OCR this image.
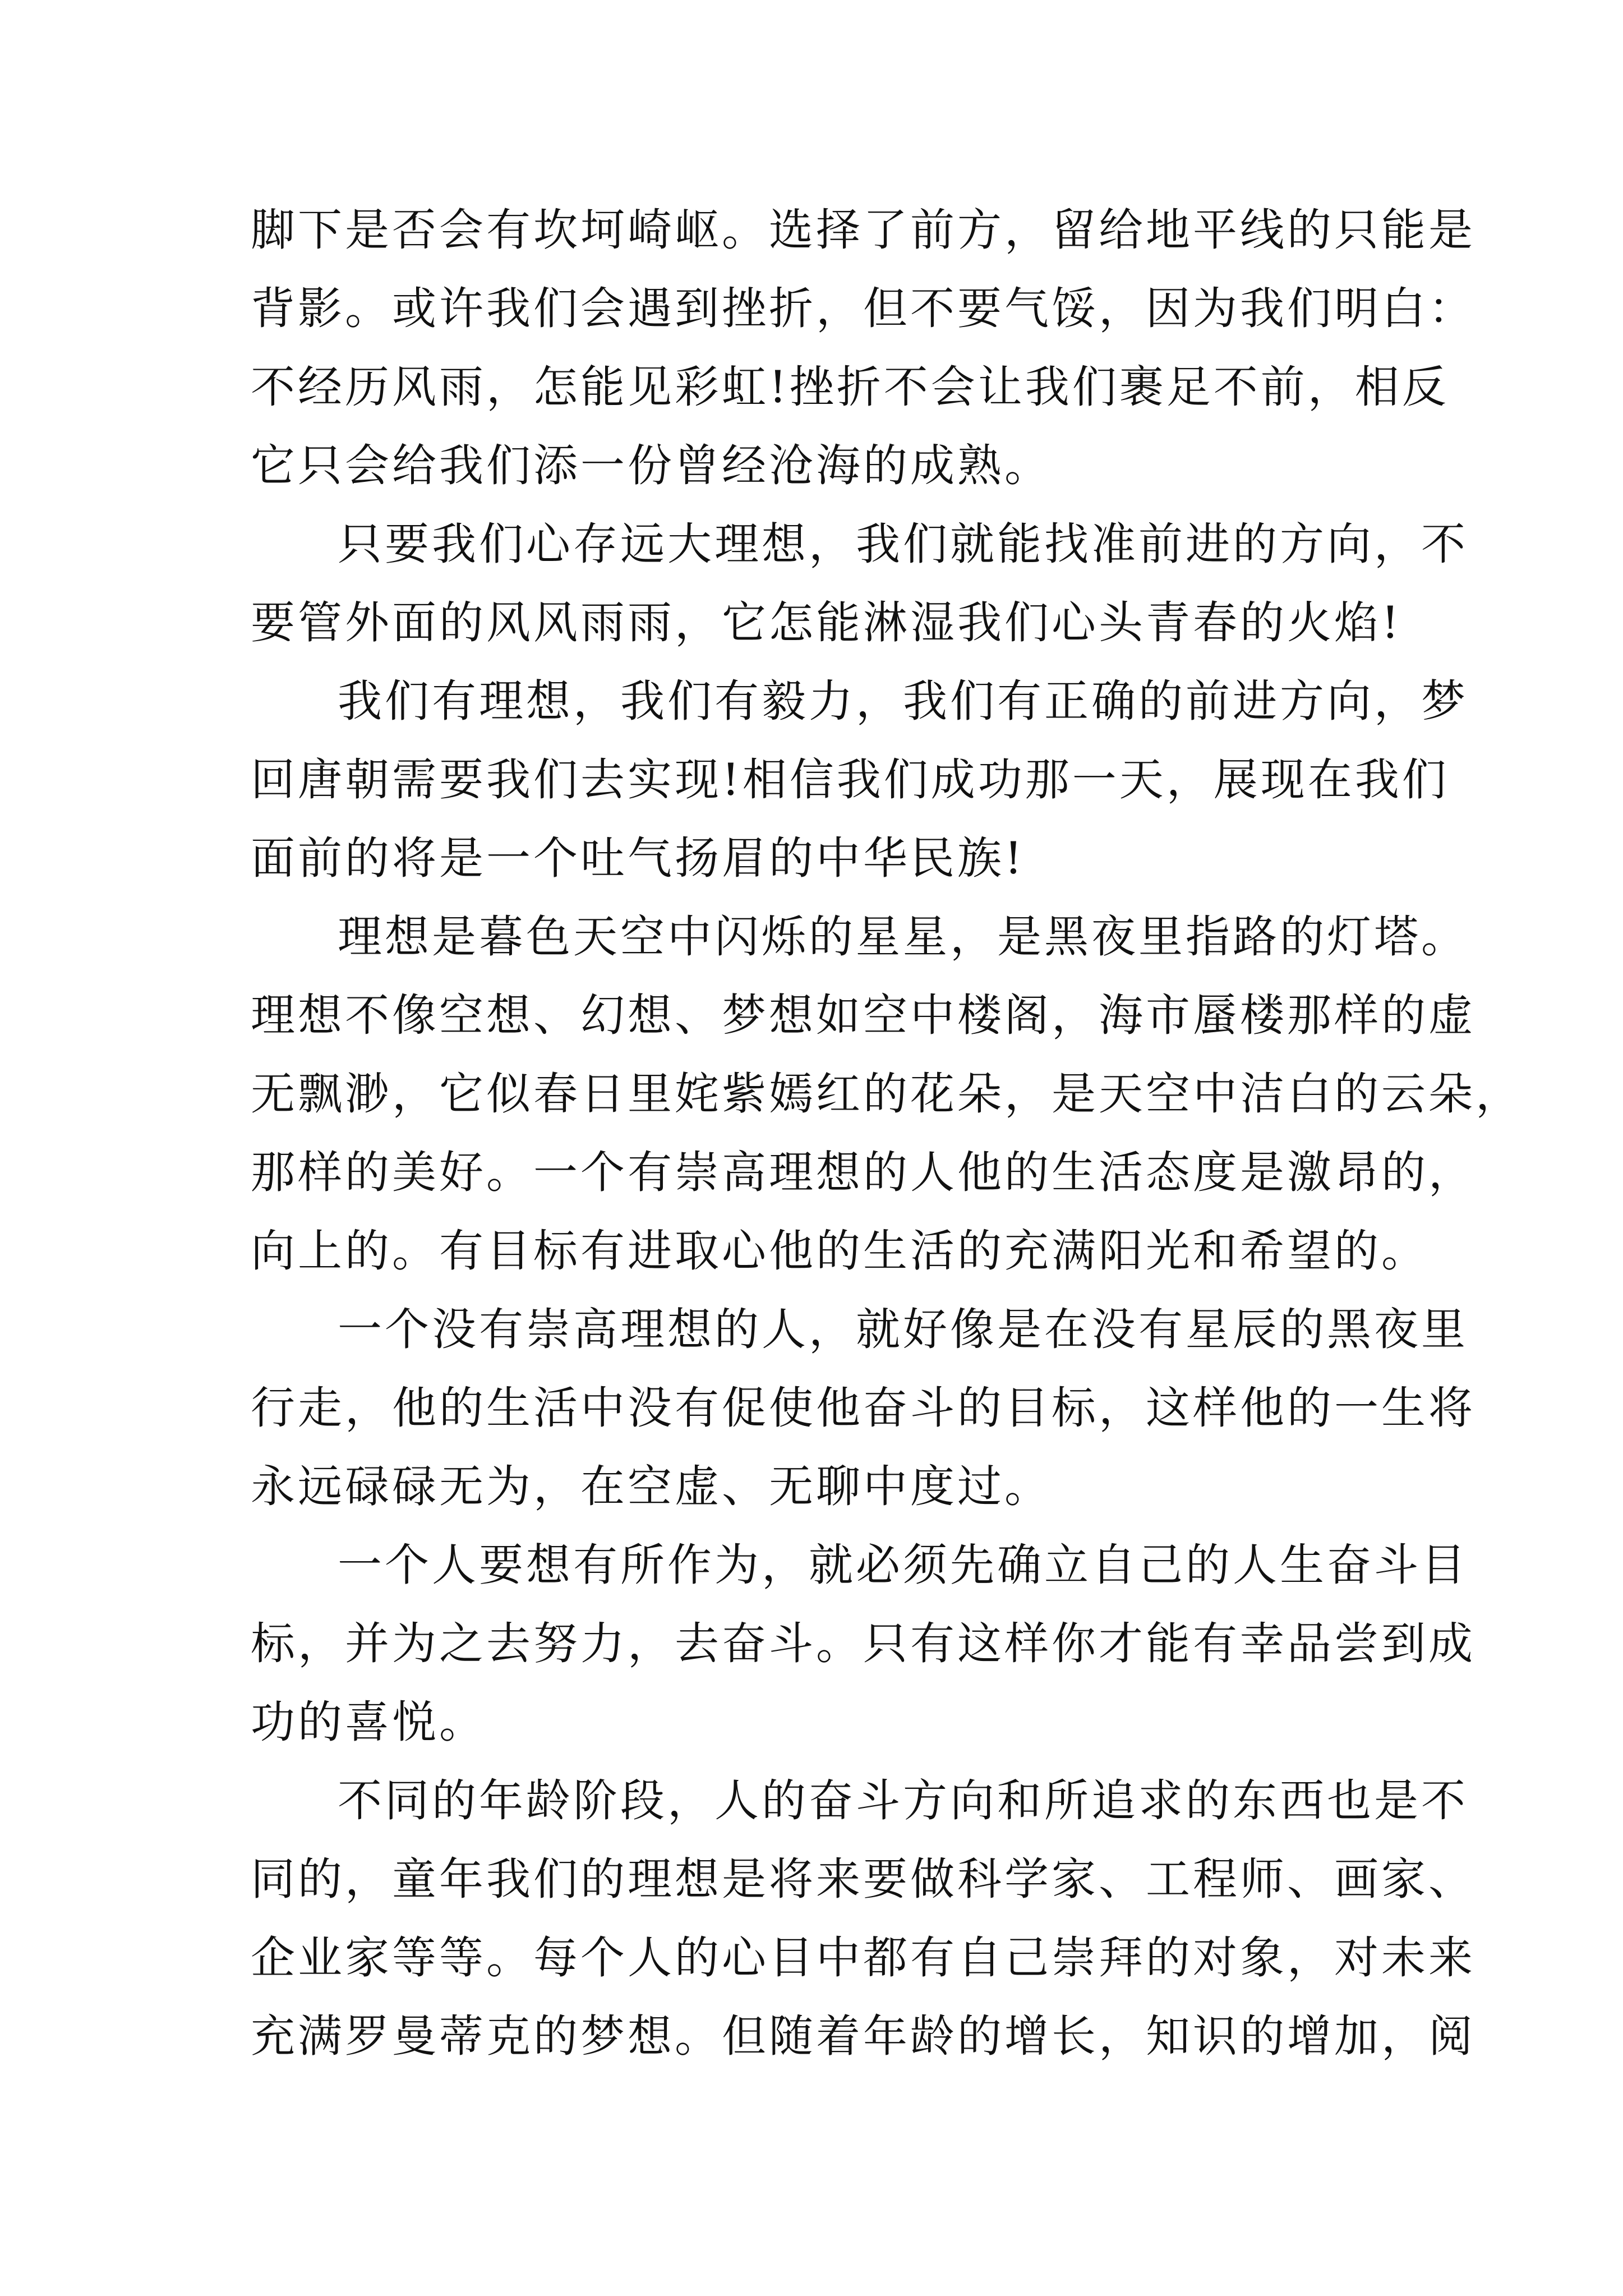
脚下是否会有坎坷崎岖。选择了前方，留给地平线的只能是
背影。或许我们会遇到挫折，但不要气馁，因为我们明白：
不经历风雨，怎能见彩虹!挫折不会让我们裹足不前，相反
它只会给我们添一份曾经沧海的成熟。
只要我们心存远大理想，我们就能找准前进的方向，不
要管外面的风风雨雨，它怎能淋湿我们心头青春的火焰!
我们有理想，我们有毅力，我们有正确的前进方向，梦
回唐朝需要我们去实现!相信我们成功那一天，展现在我们
面前的将是一个吐气扬眉的中华民族!
理想是暮色天空中闪烁的星星，是黑夜里指路的灯塔。
理想不像空想、幻想、梦想如空中楼阁，海市蜃楼那样的虚
无飘渺，它似春日里姹紫嫣红的花朵，是天空中洁白的云朵，
那样的美好。一个有崇高理想的人他的生活态度是激昂的，
向上的。有目标有进取心他的生活的充满阳光和希望的。
一个没有崇高理想的人，就好像是在没有星辰的黑夜里
行走，他的生活中没有促使他奋斗的目标，这样他的一生将
永远碌碌无为，在空虚、无聊中度过。
一个人要想有所作为，就必须先确立自己的人生奋斗目
标，并为之去努力，去奋斗。只有这样你才能有幸品尝到成
功的喜悦。
不同的年龄阶段，人的奋斗方向和所追求的东西也是不
同的，童年我们的理想是将来要做科学家、工程师、画家、
企业家等等。每个人的心目中都有自己崇拜的对象，对未来
充满罗曼蒂克的梦想。但随着年龄的增长，知识的增加，阅
